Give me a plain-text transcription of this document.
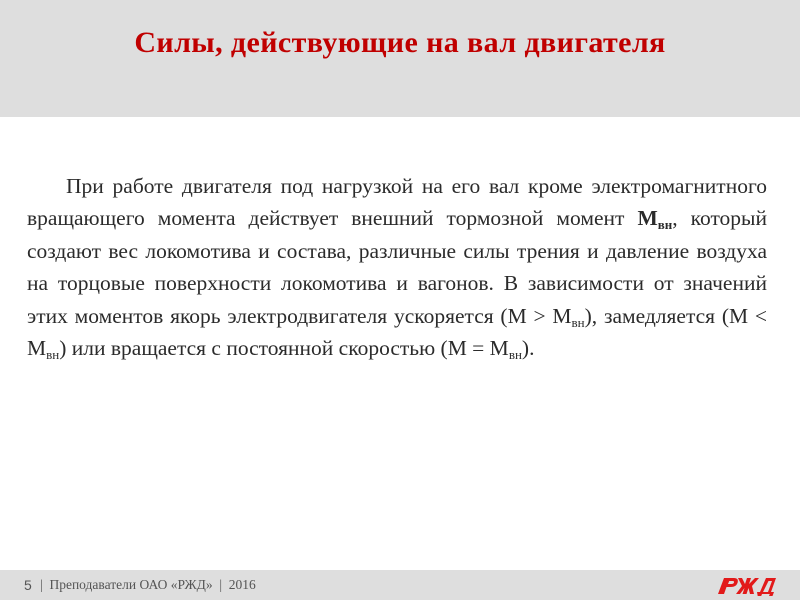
Силы, действующие на вал двигателя

При работе двигателя под нагрузкой на его вал кроме электромагнитного вращающего момента действует внешний тормозной момент $М_{вн}$, который создают вес локомотива и состава, различные силы трения и давление воздуха на торцовые поверхности локомотива и вагонов. В зависимости от значений этих моментов якорь электродвигателя ускоряется $(М > М_{вн})$, замедляется $(М < М_{вн})$ или вращается с постоянной скоростью $(М = М_{вн})$.

5 |  Преподаватели ОАО «РЖД»  |  2016
